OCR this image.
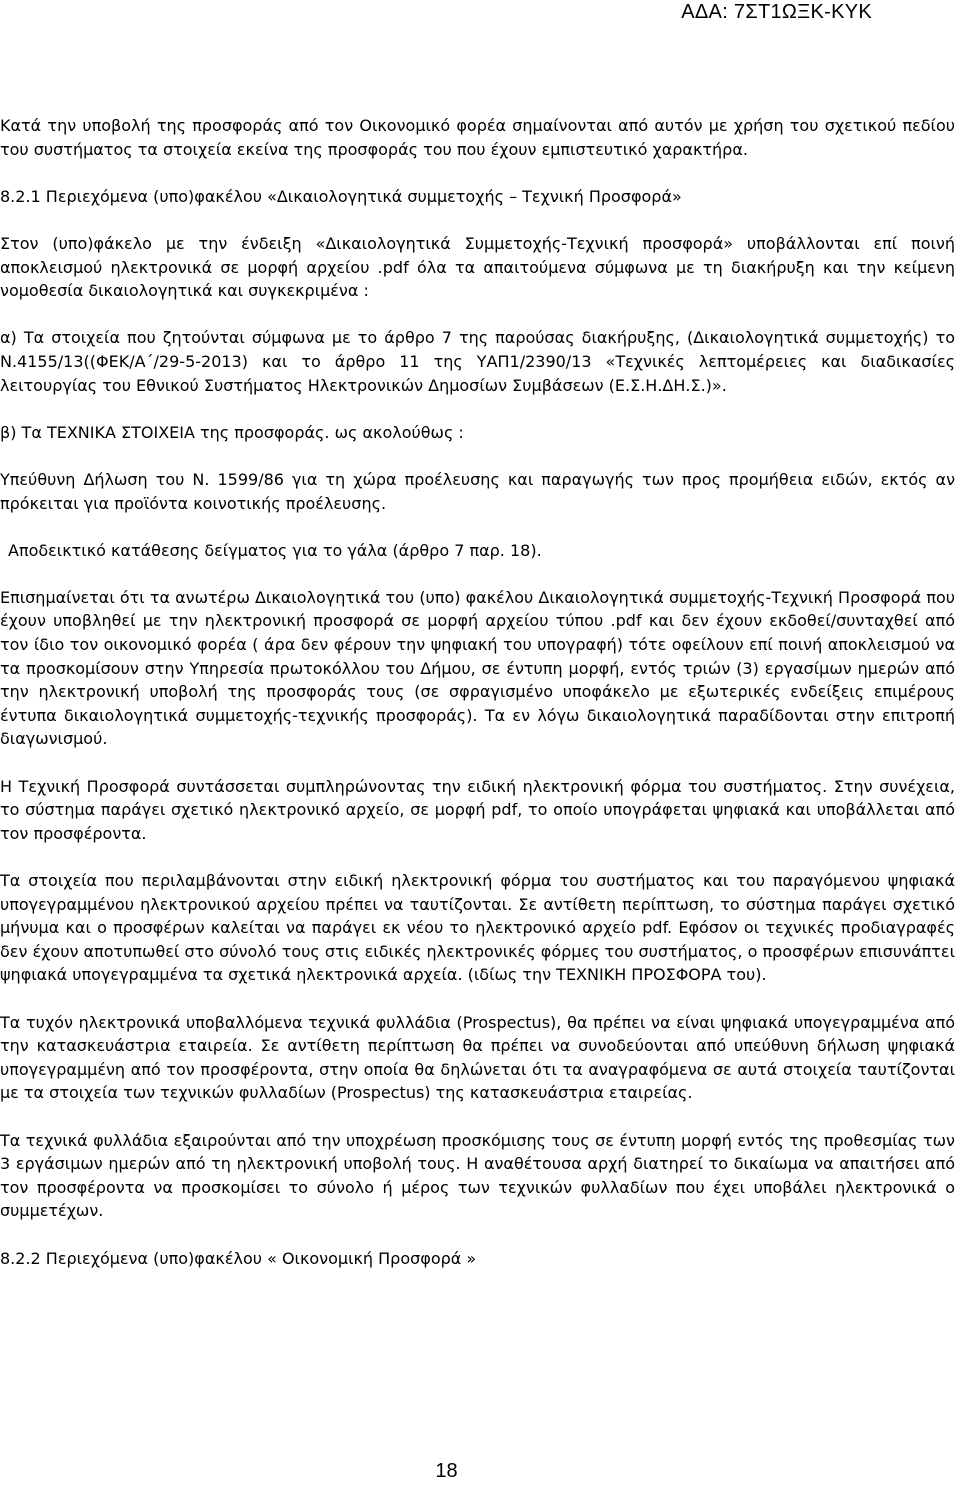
ΑΔΑ: 7ΣΤ1ΩΞΚ-ΚΥΚ

Κατά την υποβολή της προσφοράς από τον Οικονομικό φορέα σημαίνονται από αυτόν με χρήση του σχετικού πεδίου του συστήματος τα στοιχεία εκείνα της προσφοράς του που έχουν εμπιστευτικό χαρακτήρα.

8.2.1 Περιεχόμενα (υπο)φακέλου «Δικαιολογητικά συμμετοχής – Τεχνική Προσφορά»

Στον (υπο)φάκελο με την ένδειξη «Δικαιολογητικά Συμμετοχής-Τεχνική προσφορά» υποβάλλονται επί ποινή αποκλεισμού ηλεκτρονικά σε μορφή αρχείου .pdf όλα τα απαιτούμενα σύμφωνα με τη διακήρυξη και την κείμενη νομοθεσία δικαιολογητικά και συγκεκριμένα :

α) Τα στοιχεία που ζητούνται σύμφωνα με το άρθρο 7 της παρούσας διακήρυξης, (Δικαιολογητικά συμμετοχής) το Ν.4155/13((ΦΕΚ/Α΄/29-5-2013) και το άρθρο 11 της ΥΑΠ1/2390/13 «Τεχνικές λεπτομέρειες και διαδικασίες λειτουργίας του Εθνικού Συστήματος Ηλεκτρονικών Δημοσίων Συμβάσεων (Ε.Σ.Η.ΔΗ.Σ.)».

β) Τα ΤΕΧΝΙΚΑ ΣΤΟΙΧΕΙΑ της προσφοράς. ως ακολούθως :

Υπεύθυνη Δήλωση του Ν. 1599/86 για τη χώρα προέλευσης και παραγωγής των προς προμήθεια ειδών, εκτός αν πρόκειται για προϊόντα κοινοτικής προέλευσης.

Αποδεικτικό κατάθεσης δείγματος για το γάλα (άρθρο 7 παρ. 18).

Επισημαίνεται ότι τα ανωτέρω Δικαιολογητικά του (υπο) φακέλου Δικαιολογητικά συμμετοχής-Τεχνική Προσφορά που έχουν υποβληθεί με την ηλεκτρονική προσφορά σε μορφή αρχείου τύπου .pdf και δεν έχουν εκδοθεί/συνταχθεί από τον ίδιο τον οικονομικό φορέα ( άρα δεν φέρουν την ψηφιακή του υπογραφή) τότε οφείλουν επί ποινή αποκλεισμού να τα προσκομίσουν στην Υπηρεσία πρωτοκόλλου του Δήμου, σε έντυπη μορφή, εντός τριών (3) εργασίμων ημερών από την ηλεκτρονική υποβολή της προσφοράς τους (σε σφραγισμένο υποφάκελο με εξωτερικές ενδείξεις επιμέρους έντυπα δικαιολογητικά συμμετοχής-τεχνικής προσφοράς). Τα εν λόγω δικαιολογητικά παραδίδονται στην επιτροπή διαγωνισμού.

Η Τεχνική Προσφορά συντάσσεται συμπληρώνοντας την ειδική ηλεκτρονική φόρμα του συστήματος. Στην συνέχεια, το σύστημα παράγει σχετικό ηλεκτρονικό αρχείο, σε μορφή pdf, το οποίο υπογράφεται ψηφιακά και υποβάλλεται από τον προσφέροντα.

Τα στοιχεία που περιλαμβάνονται στην ειδική ηλεκτρονική φόρμα του συστήματος και του παραγόμενου ψηφιακά υπογεγραμμένου ηλεκτρονικού αρχείου πρέπει να ταυτίζονται. Σε αντίθετη περίπτωση, το σύστημα παράγει σχετικό μήνυμα και ο προσφέρων καλείται να παράγει εκ νέου το ηλεκτρονικό αρχείο pdf. Εφόσον οι τεχνικές προδιαγραφές δεν έχουν αποτυπωθεί στο σύνολό τους στις ειδικές ηλεκτρονικές φόρμες του συστήματος, ο προσφέρων επισυνάπτει ψηφιακά υπογεγραμμένα τα σχετικά ηλεκτρονικά αρχεία. (ιδίως την ΤΕΧΝΙΚΗ ΠΡΟΣΦΟΡΑ του).

Τα τυχόν ηλεκτρονικά υποβαλλόμενα τεχνικά φυλλάδια (Prospectus), θα πρέπει να είναι ψηφιακά υπογεγραμμένα από την κατασκευάστρια εταιρεία. Σε αντίθετη περίπτωση θα πρέπει να συνοδεύονται από υπεύθυνη δήλωση ψηφιακά υπογεγραμμένη από τον προσφέροντα, στην οποία θα δηλώνεται ότι τα αναγραφόμενα σε αυτά στοιχεία ταυτίζονται με τα στοιχεία των τεχνικών φυλλαδίων (Prospectus) της κατασκευάστρια εταιρείας.

Τα τεχνικά φυλλάδια εξαιρούνται από την υποχρέωση προσκόμισης τους σε έντυπη μορφή εντός της προθεσμίας των 3 εργάσιμων ημερών από τη ηλεκτρονική υποβολή τους. Η αναθέτουσα αρχή διατηρεί το δικαίωμα να απαιτήσει από τον προσφέροντα να προσκομίσει το σύνολο ή μέρος των τεχνικών φυλλαδίων που έχει υποβάλει ηλεκτρονικά ο συμμετέχων.

8.2.2 Περιεχόμενα (υπο)φακέλου « Οικονομική Προσφορά »

18
